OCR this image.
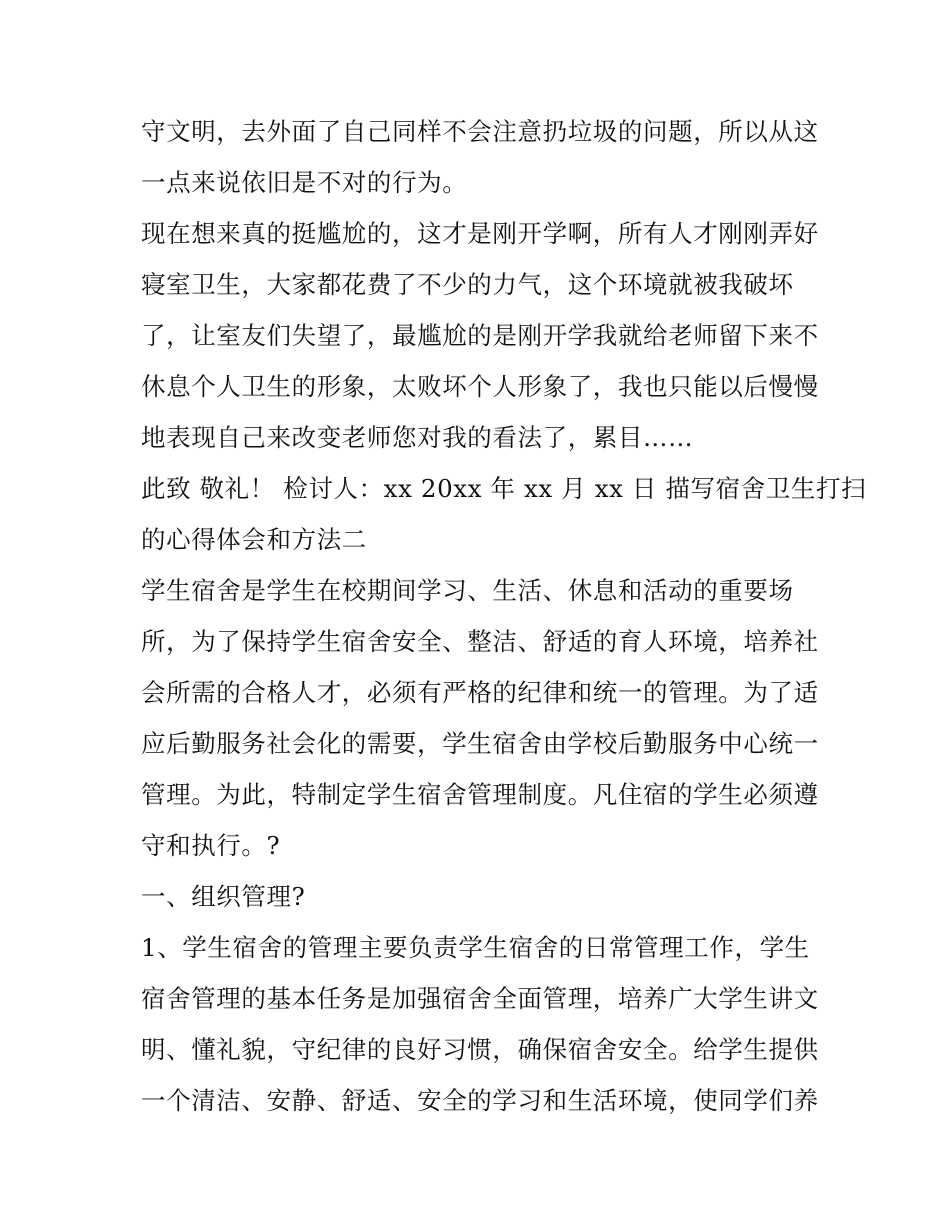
守文明，去外面了自己同样不会注意扔垃圾的问题，所以从这
一点来说依旧是不对的行为。
现在想来真的挺尴尬的，这才是刚开学啊，所有人才刚刚弄好
寝室卫生，大家都花费了不少的力气，这个环境就被我破坏
了，让室友们失望了，最尴尬的是刚开学我就给老师留下来不
休息个人卫生的形象，太败坏个人形象了，我也只能以后慢慢
地表现自己来改变老师您对我的看法了，累目……
此致 敬礼！ 检讨人：xx 20xx 年 xx 月 xx 日 描写宿舍卫生打扫
的心得体会和方法二
学生宿舍是学生在校期间学习、生活、休息和活动的重要场
所，为了保持学生宿舍安全、整洁、舒适的育人环境，培养社
会所需的合格人才，必须有严格的纪律和统一的管理。为了适
应后勤服务社会化的需要，学生宿舍由学校后勤服务中心统一
管理。为此，特制定学生宿舍管理制度。凡住宿的学生必须遵
守和执行。?
一、组织管理?
1、学生宿舍的管理主要负责学生宿舍的日常管理工作，学生
宿舍管理的基本任务是加强宿舍全面管理，培养广大学生讲文
明、懂礼貌，守纪律的良好习惯，确保宿舍安全。给学生提供
一个清洁、安静、舒适、安全的学习和生活环境，使同学们养
